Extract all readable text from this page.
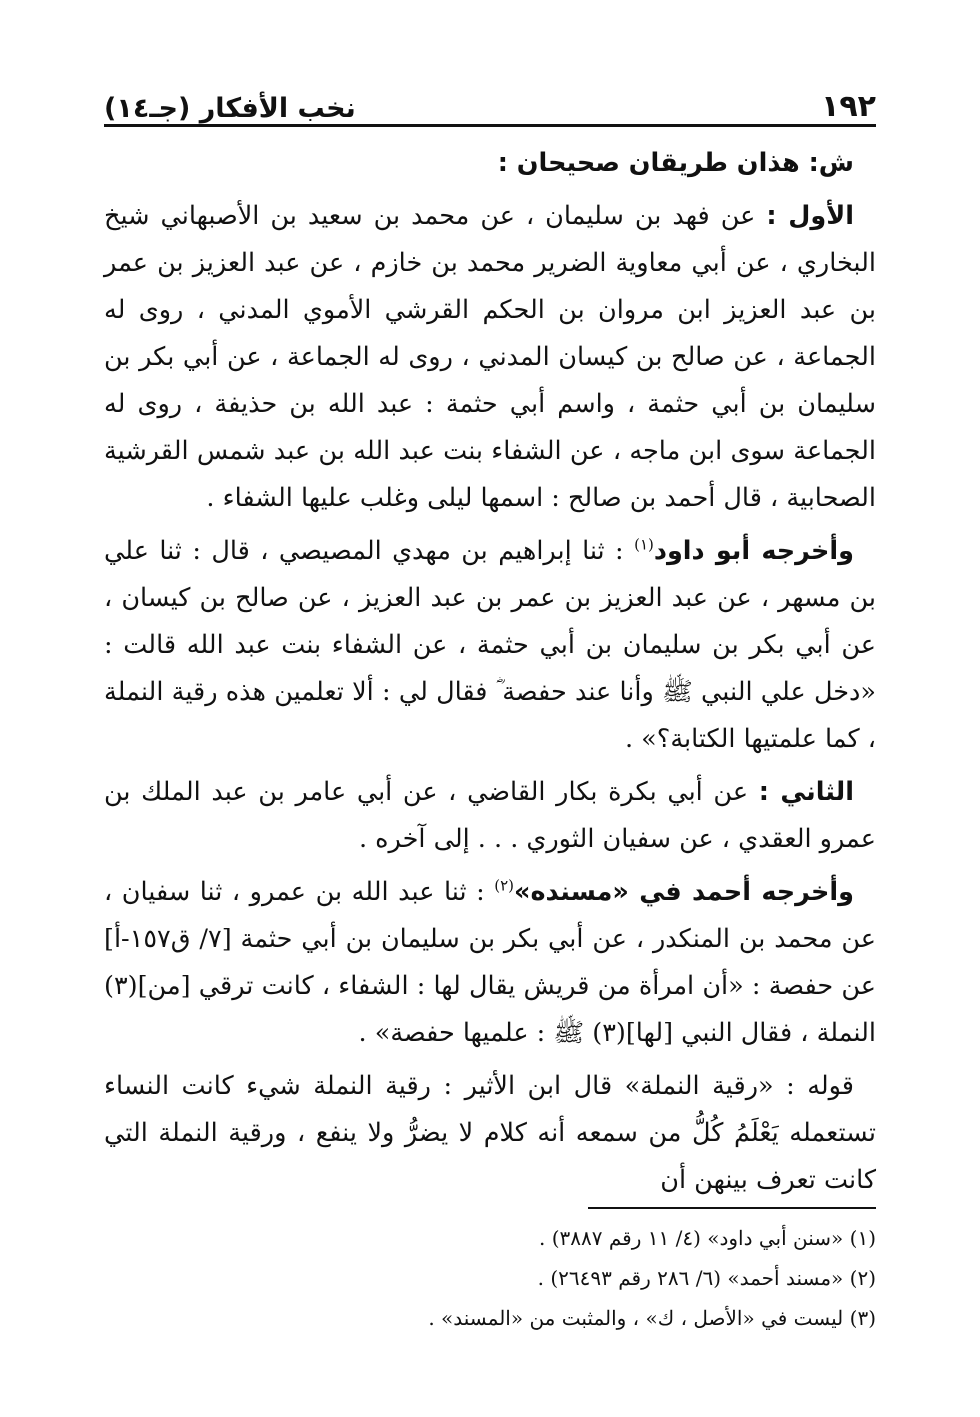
١٩٢
نخب الأفكار (جـ١٤)

ش: هذان طريقان صحيحان :

الأول : عن فهد بن سليمان ، عن محمد بن سعيد بن الأصبهاني شيخ البخاري ، عن أبي معاوية الضرير محمد بن خازم ، عن عبد العزيز بن عمر بن عبد العزيز ابن مروان بن الحكم القرشي الأموي المدني ، روى له الجماعة ، عن صالح بن كيسان المدني ، روى له الجماعة ، عن أبي بكر بن سليمان بن أبي حثمة ، واسم أبي حثمة : عبد الله بن حذيفة ، روى له الجماعة سوى ابن ماجه ، عن الشفاء بنت عبد الله بن عبد شمس القرشية الصحابية ، قال أحمد بن صالح : اسمها ليلى وغلب عليها الشفاء .

وأخرجه أبو داود$^{(١)}$ : ثنا إبراهيم بن مهدي المصيصي ، قال : ثنا علي بن مسهر ، عن عبد العزيز بن عمر بن عبد العزيز ، عن صالح بن كيسان ، عن أبي بكر بن سليمان بن أبي حثمة ، عن الشفاء بنت عبد الله قالت : «دخل علي النبي ﷺ وأنا عند حفصة ؓ فقال لي : ألا تعلمين هذه رقية النملة ، كما علمتيها الكتابة؟» .

الثاني : عن أبي بكرة بكار القاضي ، عن أبي عامر بن عبد الملك بن عمرو العقدي ، عن سفيان الثوري . . . إلى آخره .

وأخرجه أحمد في «مسنده»$^{(٢)}$ : ثنا عبد الله بن عمرو ، ثنا سفيان ، عن محمد بن المنكدر ، عن أبي بكر بن سليمان بن أبي حثمة [٧/ ق١٥٧-أ] عن حفصة : «أن امرأة من قريش يقال لها : الشفاء ، كانت ترقي [من](٣) النملة ، فقال النبي [لها](٣) ﷺ : علميها حفصة» .

قوله : «رقية النملة» قال ابن الأثير : رقية النملة شيء كانت النساء تستعمله يَعْلَمُ كُلُّ من سمعه أنه كلام لا يضرُّ ولا ينفع ، ورقية النملة التي كانت تعرف بينهن أن

(١) «سنن أبي داود» (٤/ ١١ رقم ٣٨٨٧) .

(٢) «مسند أحمد» (٦/ ٢٨٦ رقم ٢٦٤٩٣) .

(٣) ليست في «الأصل ، ك» ، والمثبت من «المسند» .
